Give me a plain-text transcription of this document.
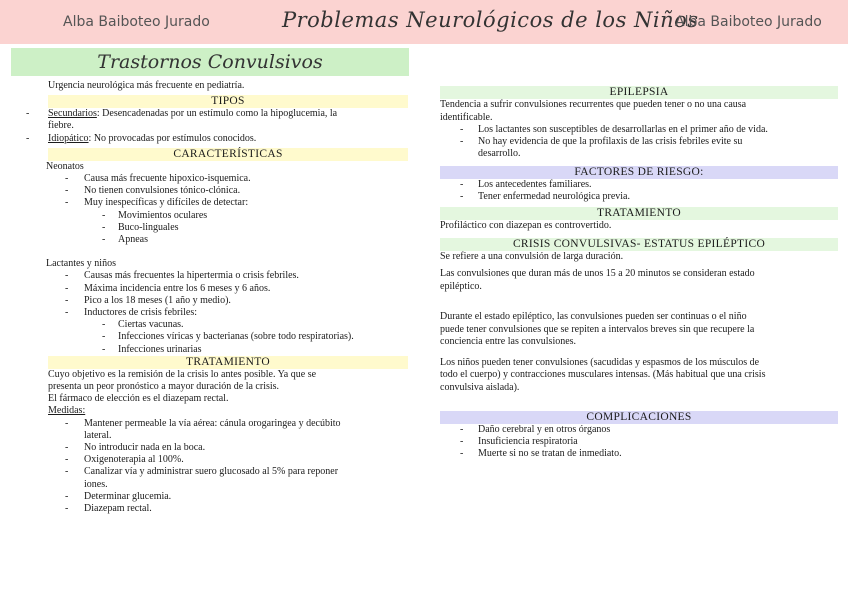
Alba Baiboteo Jurado	Problemas Neurológicos de los Niños
Alba Baiboteo Jurado
Trastornos Convulsivos
Urgencia neurológica más frecuente en pediatría.
TIPOS
- Secundarios: Desencadenadas por un estímulo como la hipoglucemia, la
fiebre.
- Idiopático: No provocadas por estímulos conocidos.
CARACTERÍSTICAS
Neonatos
- Causa más frecuente hipoxico-isquemica.
- No tienen convulsiones tónico-clónica.
- Muy inespecíficas y difíciles de detectar:
- Movimientos oculares
- Buco-linguales
- Apneas
Lactantes y niños
- Causas más frecuentes la hipertermia o crisis febriles.
- Máxima incidencia entre los 6 meses y 6 años.
- Pico a los 18 meses (1 año y medio).
- Inductores de crisis febriles:
- Ciertas vacunas.
- Infecciones víricas y bacterianas (sobre todo respiratorias).
- Infecciones urinarias
TRATAMIENTO
Cuyo objetivo es la remisión de la crisis lo antes posible. Ya que se
presenta un peor pronóstico a mayor duración de la crisis.
El fármaco de elección es el diazepam rectal.
Medidas:
- Mantener permeable la vía aérea: cánula orogaringea y decúbito
lateral.
- No introducir nada en la boca.
- Oxigenoterapia al 100%.
- Canalizar vía y administrar suero glucosado al 5% para reponer
iones.
- Determinar glucemia.
- Diazepam rectal.
EPILEPSIA
Tendencia a sufrir convulsiones recurrentes que pueden tener o no una causa
identificable.
- Los lactantes son susceptibles de desarrollarlas en el primer año de vida.
- No hay evidencia de que la profilaxis de las crisis febriles evite su
desarrollo.
FACTORES DE RIESGO:
- Los antecedentes familiares.
- Tener enfermedad neurológica previa.
TRATAMIENTO
Profiláctico con diazepan es controvertido.
CRISIS CONVULSIVAS- ESTATUS EPILÉPTICO
Se refiere a una convulsión de larga duración.
Las convulsiones que duran más de unos 15 a 20 minutos se consideran estado
epiléptico.
Durante el estado epiléptico, las convulsiones pueden ser continuas o el niño
puede tener convulsiones que se repiten a intervalos breves sin que recupere la
conciencia entre las convulsiones.
Los niños pueden tener convulsiones (sacudidas y espasmos de los músculos de
todo el cuerpo) y contracciones musculares intensas. (Más habitual que una crisis
convulsiva aislada).
COMPLICACIONES
- Daño cerebral y en otros órganos
- Insuficiencia respiratoria
- Muerte si no se tratan de inmediato.
